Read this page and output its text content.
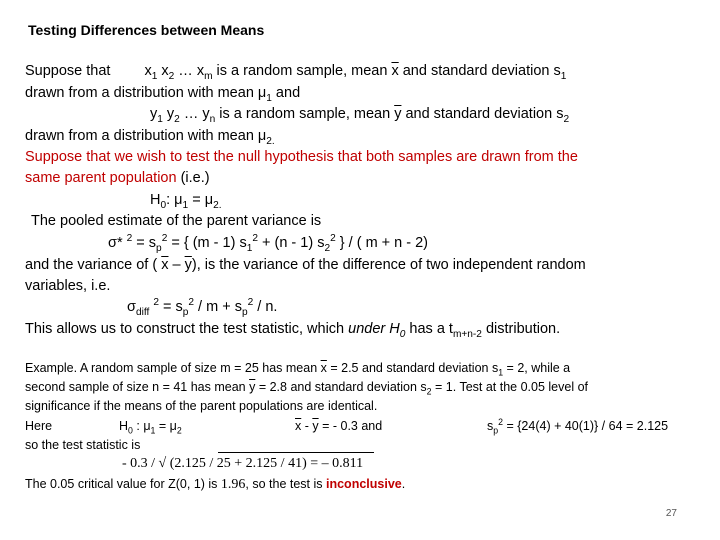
Testing Differences between Means
Suppose that $x_1$ $x_2$ … $x_m$ is a random sample, mean $\overline{x}$ and standard deviation $s_1$
drawn from a distribution with mean $\mu_1$ and
$y_1$ $y_2$ … $y_n$ is a random sample, mean $\overline{y}$ and standard deviation $s_2$
drawn from a distribution with mean $\mu_{2.}$
Suppose that we wish to test the null hypothesis that both samples are drawn from the
same parent population (i.e.)
$H_0$: $\mu_1 = \mu_{2.}$
The pooled estimate of the parent variance is
σ* $^2 = s_p^2$ = { (m - 1) $s_1^2 + (n - 1)$ $s_2^2$ } / ( m + n - 2)
and the variance of ( $\overline{x} - \overline{y}$), is the variance of the difference of two independent random
variables, i.e.
$\sigma_{diff}$ $^2 = s_p^2 / m + s_p^2 / n$.
This allows us to construct the test statistic, which under $H_0$ has a $t_{m+n-2}$ distribution.
Example. A random sample of size m = 25 has mean $\overline{x} = 2.5$ and standard deviation $s_1 = 2$, while a
second sample of size n = 41 has mean $\overline{y} = 2.8$ and standard deviation $s_2 = 1$. Test at the 0.05 level of
significance if the means of the parent populations are identical.
Here	$H_0$ : $\mu_1 = \mu_2$	$\overline{x} - \overline{y}$ = - 0.3 and	$s_p^2 = \{24(4) + 40(1)\} / 64 = 2.125$
so the test statistic is
- 0.3 / √ (2.125 / 25 + 2.125 / 41) = – 0.811
The 0.05 critical value for Z(0, 1) is 1.96, so the test is inconclusive.
27
